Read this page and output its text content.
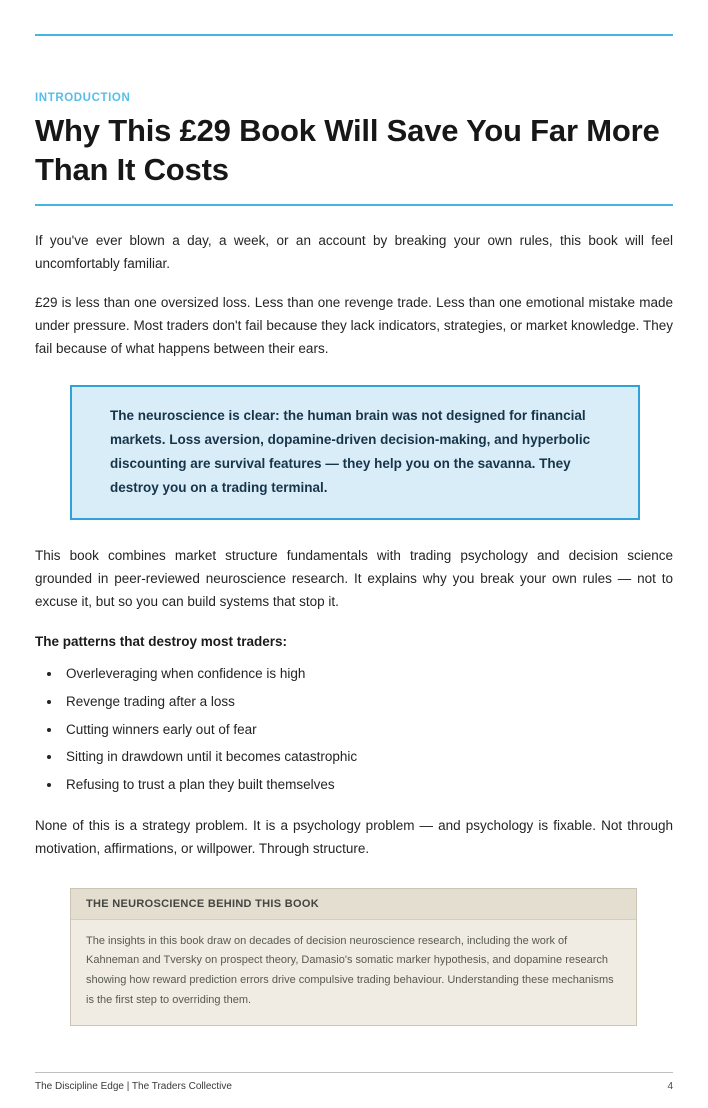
INTRODUCTION
Why This £29 Book Will Save You Far More Than It Costs

If you've ever blown a day, a week, or an account by breaking your own rules, this book will feel uncomfortably familiar.

£29 is less than one oversized loss. Less than one revenge trade. Less than one emotional mistake made under pressure. Most traders don't fail because they lack indicators, strategies, or market knowledge. They fail because of what happens between their ears.

The neuroscience is clear: the human brain was not designed for financial markets. Loss aversion, dopamine-driven decision-making, and hyperbolic discounting are survival features — they help you on the savanna. They destroy you on a trading terminal.

This book combines market structure fundamentals with trading psychology and decision science grounded in peer-reviewed neuroscience research. It explains why you break your own rules — not to excuse it, but so you can build systems that stop it.

The patterns that destroy most traders:

• Overleveraging when confidence is high
• Revenge trading after a loss
• Cutting winners early out of fear
• Sitting in drawdown until it becomes catastrophic
• Refusing to trust a plan they built themselves

None of this is a strategy problem. It is a psychology problem — and psychology is fixable. Not through motivation, affirmations, or willpower. Through structure.

THE NEUROSCIENCE BEHIND THIS BOOK
The insights in this book draw on decades of decision neuroscience research, including the work of Kahneman and Tversky on prospect theory, Damasio's somatic marker hypothesis, and dopamine research showing how reward prediction errors drive compulsive trading behaviour. Understanding these mechanisms is the first step to overriding them.
The Discipline Edge | The Traders Collective	4
